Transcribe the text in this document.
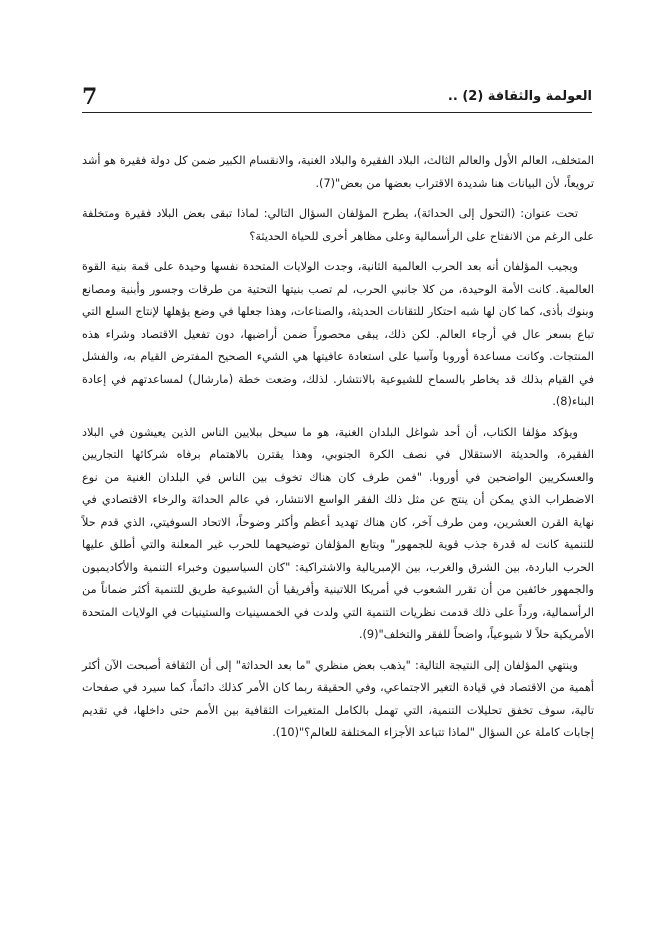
7	العولمة والثقافة (2) ..

المتخلف، العالم الأول والعالم الثالث، البلاد الفقيرة والبلاد الغنية، والانقسام الكبير ضمن كل دولة فقيرة هو أشد ترويعاً، لأن البيانات هنا شديدة الاقتراب بعضها من بعض"(7).

تحت عنوان: (التحول إلى الحداثة)، يطرح المؤلفان السؤال التالي: لماذا تبقى بعض البلاد فقيرة ومتخلفة على الرغم من الانفتاح على الرأسمالية وعلى مظاهر أخرى للحياة الحديثة؟

ويجيب المؤلفان أنه بعد الحرب العالمية الثانية، وجدت الولايات المتحدة نفسها وحيدة على قمة بنية القوة العالمية. كانت الأمة الوحيدة، من كلا جانبي الحرب، لم تصب بنيتها التحتية من طرقات وجسور وأبنية ومصانع وبنوك بأذى، كما كان لها شبه احتكار للتقانات الحديثة، والصناعات، وهذا جعلها في وضع يؤهلها لإنتاج السلع التي تباع بسعر عال في أرجاء العالم. لكن ذلك، يبقى محصوراً ضمن أراضيها، دون تفعيل الاقتصاد وشراء هذه المنتجات. وكانت مساعدة أوروبا وآسيا على استعادة عافيتها هي الشيء الصحيح المفترض القيام به، والفشل في القيام بذلك قد يخاطر بالسماح للشيوعية بالانتشار. لذلك، وضعت خطة (مارشال) لمساعدتهم في إعادة البناء(8).

ويؤكد مؤلفا الكتاب، أن أحد شواغل البلدان الغنية، هو ما سيحل ببلايين الناس الذين يعيشون في البلاد الفقيرة، والحديثة الاستقلال في نصف الكرة الجنوبي، وهذا يقترن بالاهتمام برفاه شركائها التجاريين والعسكريين الواضحين في أوروبا. "فمن طرف كان هناك تخوف بين الناس في البلدان الغنية من نوع الاضطراب الذي يمكن أن ينتج عن مثل ذلك الفقر الواسع الانتشار، في عالم الحداثة والرخاء الاقتصادي في نهاية القرن العشرين، ومن طرف آخر، كان هناك تهديد أعظم وأكثر وضوحاً، الاتحاد السوفيتي، الذي قدم حلاً للتنمية كانت له قدرة جذب قوية للجمهور" ويتابع المؤلفان توضيحهما للحرب غير المعلنة والتي أطلق عليها الحرب الباردة، بين الشرق والغرب، بين الإمبريالية والاشتراكية: "كان السياسيون وخبراء التنمية والأكاديميون والجمهور خائفين من أن تقرر الشعوب في أمريكا اللاتينية وأفريقيا أن الشيوعية طريق للتنمية أكثر ضماناً من الرأسمالية، ورداً على ذلك قدمت نظريات التنمية التي ولدت في الخمسينيات والستينيات في الولايات المتحدة الأمريكية حلاً لا شيوعياً، واضحاً للفقر والتخلف"(9).

وينتهي المؤلفان إلى النتيجة التالية: "يذهب بعض منظري "ما بعد الحداثة" إلى أن الثقافة أصبحت الآن أكثر أهمية من الاقتصاد في قيادة التغير الاجتماعي، وفي الحقيقة ربما كان الأمر كذلك دائماً، كما سيرد في صفحات تالية، سوف تخفق تحليلات التنمية، التي تهمل بالكامل المتغيرات الثقافية بين الأمم حتى داخلها، في تقديم إجابات كاملة عن السؤال "لماذا تتباعد الأجزاء المختلفة للعالم؟"(10).
